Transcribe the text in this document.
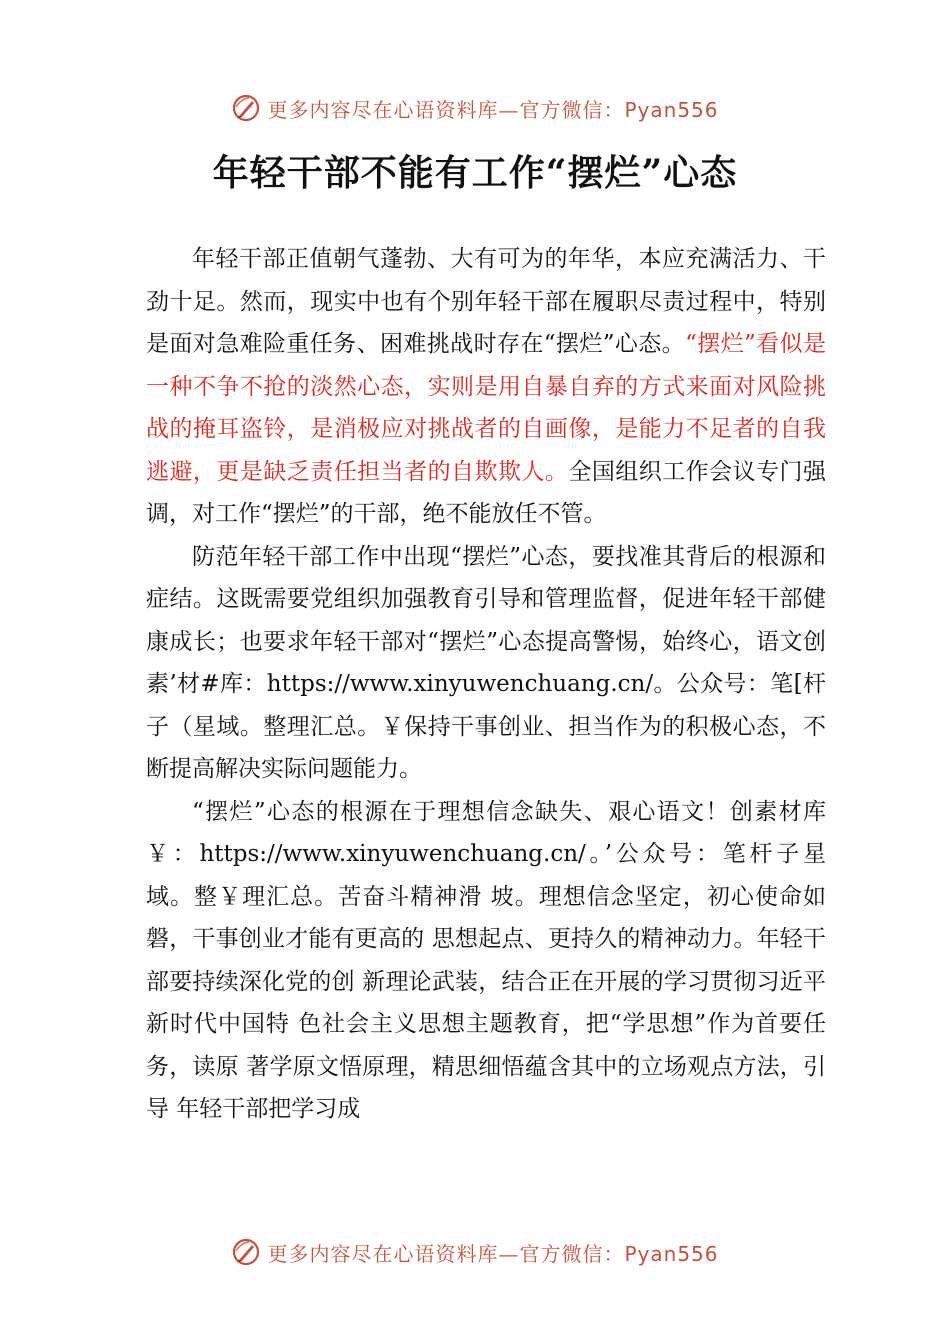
更多内容尽在心语资料库—官方微信：Pyan556
年轻干部不能有工作“摆烂”心态

年轻干部正值朝气蓬勃、大有可为的年华，本应充满活力、干劲十足。然而，现实中也有个别年轻干部在履职尽责过程中，特别是面对急难险重任务、困难挑战时存在“摆烂”心态。“摆烂”看似是一种不争不抢的淡然心态，实则是用自暴自弃的方式来面对风险挑战的掩耳盗铃，是消极应对挑战者的自画像，是能力不足者的自我逃避，更是缺乏责任担当者的自欺欺人。全国组织工作会议专门强调，对工作“摆烂”的干部，绝不能放任不管。

防范年轻干部工作中出现“摆烂”心态，要找准其背后的根源和症结。这既需要党组织加强教育引导和管理监督，促进年轻干部健康成长；也要求年轻干部对“摆烂”心态提高警惕，始终心，语文创素’材#库：https://www.xinyuwenchuang.cn/。公众号：笔[杆子（星域。整理汇总。￥保持干事创业、担当作为的积极心态，不断提高解决实际问题能力。

“摆烂”心态的根源在于理想信念缺失、艰心语文！创素材库￥：https://www.xinyuwenchuang.cn/。’公众号：笔杆子星域。整￥理汇总。苦奋斗精神滑 坡。理想信念坚定，初心使命如磐，干事创业才能有更高的 思想起点、更持久的精神动力。年轻干部要持续深化党的创 新理论武装，结合正在开展的学习贯彻习近平新时代中国特 色社会主义思想主题教育，把“学思想”作为首要任务，读原 著学原文悟原理，精思细悟蕴含其中的立场观点方法，引导 年轻干部把学习成

更多内容尽在心语资料库—官方微信：Pyan556
